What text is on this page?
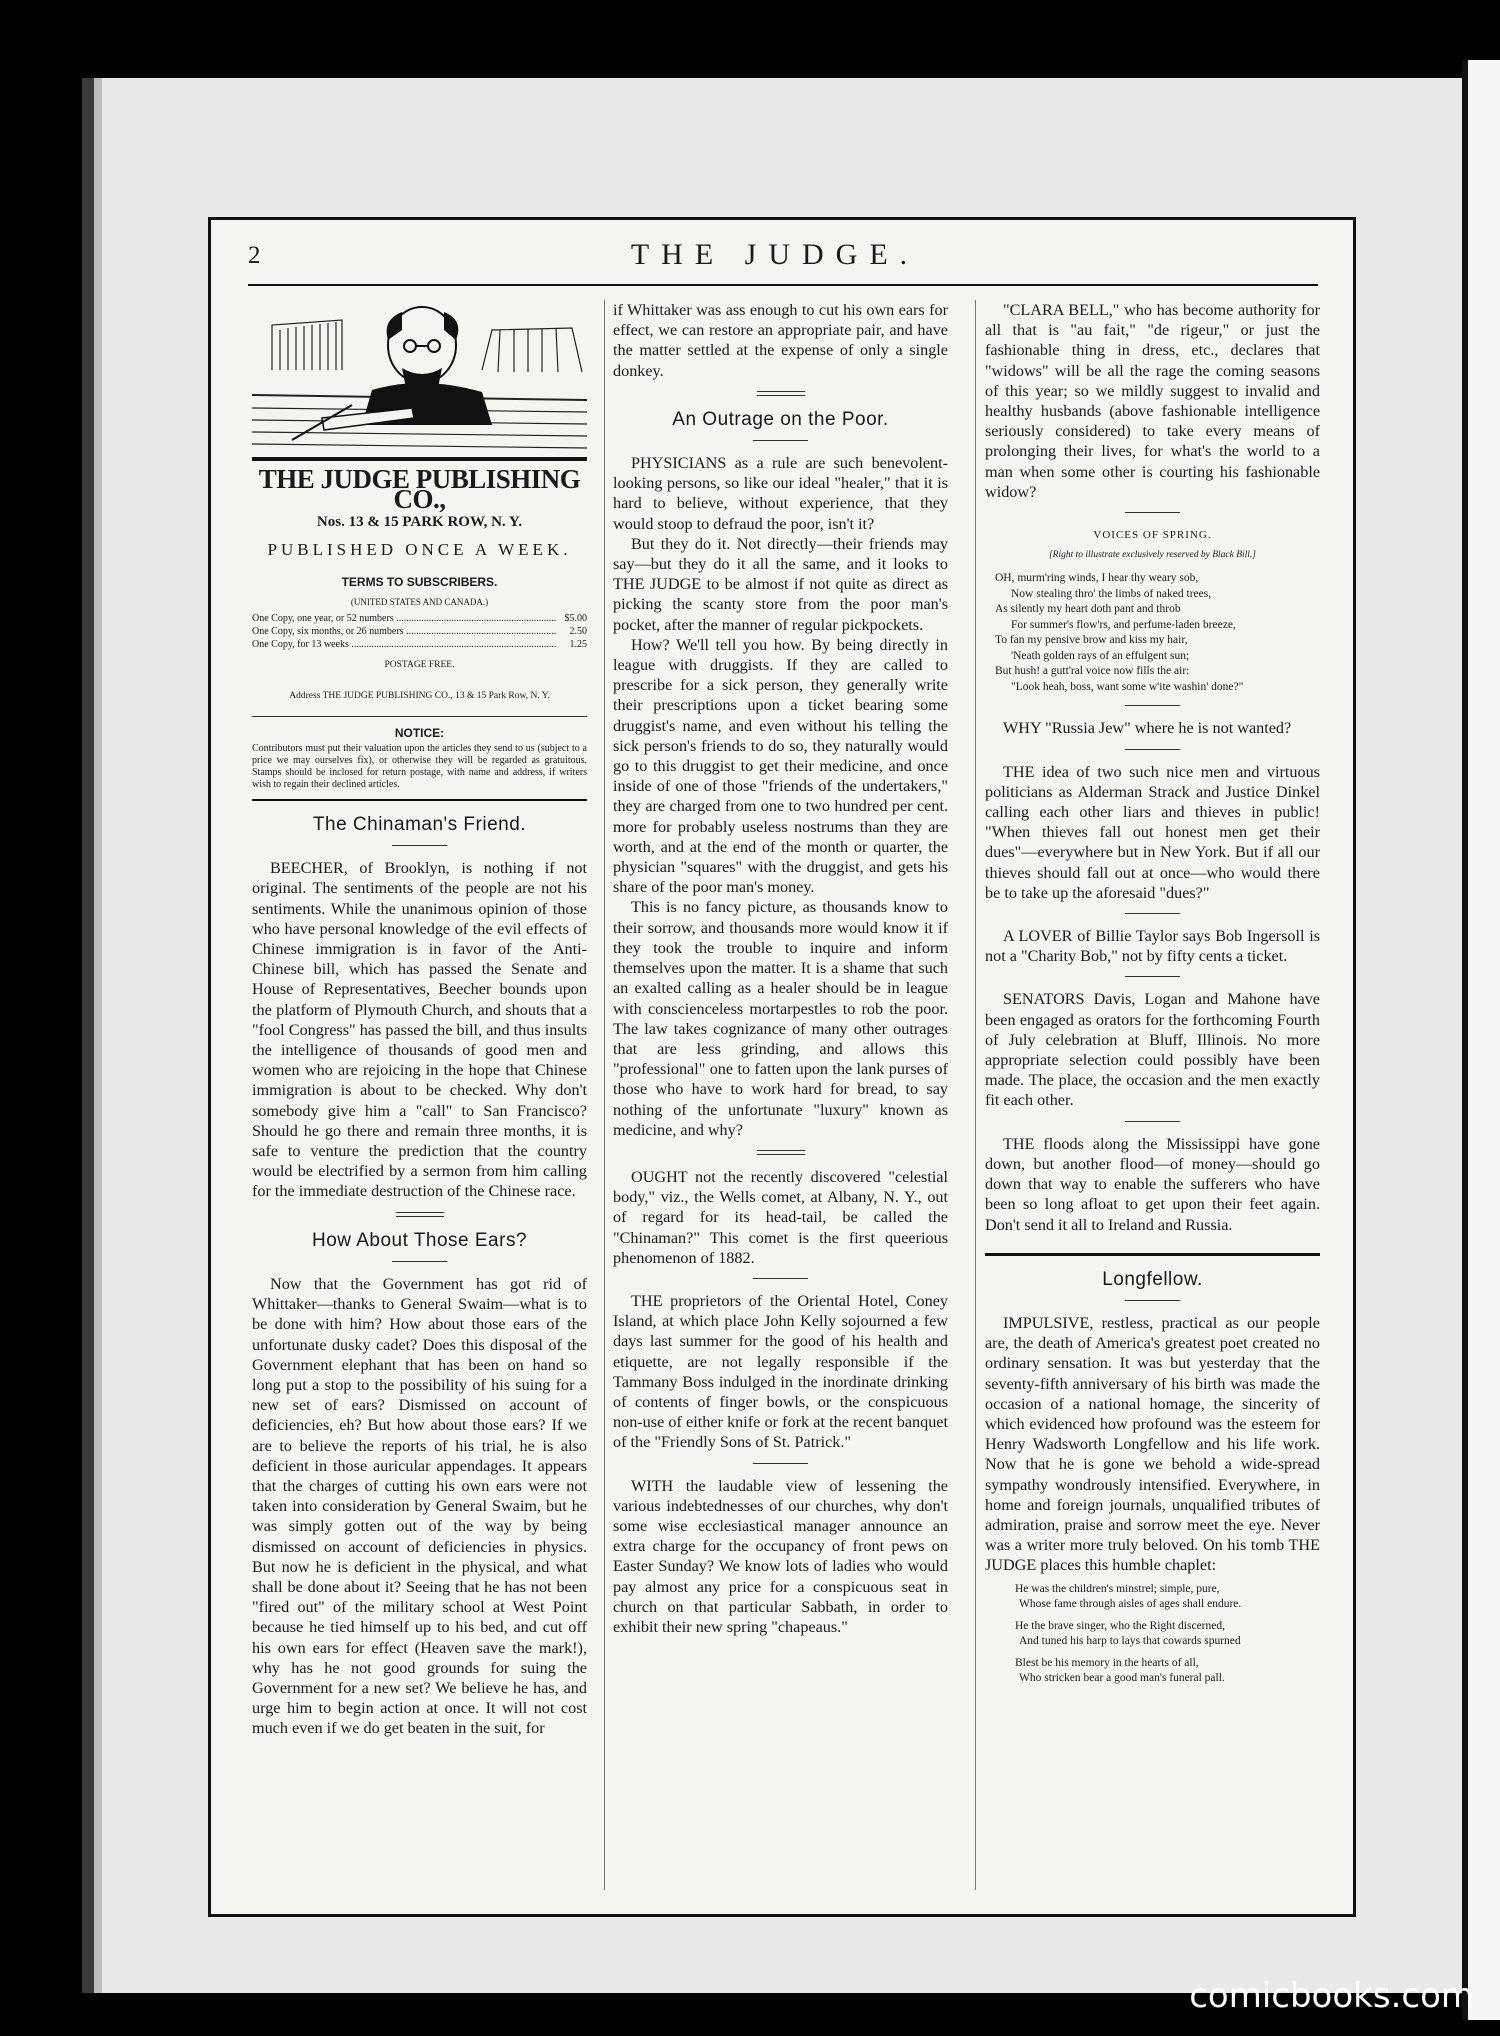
2	THE JUDGE.
THE JUDGE PUBLISHING CO.,
Nos. 13 & 15 PARK ROW, N. Y.
PUBLISHED ONCE A WEEK.
TERMS TO SUBSCRIBERS.
(UNITED STATES AND CANADA.)
One Copy, one year, or 52 numbers .....	$5.00
One Copy, six months, or 26 numbers .....	2.50
One Copy, for 13 weeks .....	1.25
POSTAGE FREE.
Address THE JUDGE PUBLISHING CO., 13 & 15 Park Row, N. Y.
NOTICE:
Contributors must put their valuation upon the articles they send to us (subject to a price we may ourselves fix), or otherwise they will be regarded as gratuitous. Stamps should be inclosed for return postage, with name and address, if writers wish to regain their declined articles.
The Chinaman's Friend.

BEECHER, of Brooklyn, is nothing if not original. The sentiments of the people are not his sentiments. While the unanimous opinion of those who have personal knowledge of the evil effects of Chinese immigration is in favor of the Anti-Chinese bill, which has passed the Senate and House of Representatives, Beecher bounds upon the platform of Plymouth Church, and shouts that a "fool Congress" has passed the bill, and thus insults the intelligence of thousands of good men and women who are rejoicing in the hope that Chinese immigration is about to be checked. Why don't somebody give him a "call" to San Francisco? Should he go there and remain three months, it is safe to venture the prediction that the country would be electrified by a sermon from him calling for the immediate destruction of the Chinese race.

How About Those Ears?

Now that the Government has got rid of Whittaker—thanks to General Swaim—what is to be done with him? How about those ears of the unfortunate dusky cadet? Does this disposal of the Government elephant that has been on hand so long put a stop to the possibility of his suing for a new set of ears? Dismissed on account of deficiencies, eh? But how about those ears? If we are to believe the reports of his trial, he is also deficient in those auricular appendages. It appears that the charges of cutting his own ears were not taken into consideration by General Swaim, but he was simply gotten out of the way by being dismissed on account of deficiencies in physics. But now he is deficient in the physical, and what shall be done about it? Seeing that he has not been "fired out" of the military school at West Point because he tied himself up to his bed, and cut off his own ears for effect (Heaven save the mark!), why has he not good grounds for suing the Government for a new set? We believe he has, and urge him to begin action at once. It will not cost much even if we do get beaten in the suit, for

if Whittaker was ass enough to cut his own ears for effect, we can restore an appropriate pair, and have the matter settled at the expense of only a single donkey.

An Outrage on the Poor.

PHYSICIANS as a rule are such benevolent-looking persons, so like our ideal "healer," that it is hard to believe, without experience, that they would stoop to defraud the poor, isn't it?

But they do it. Not directly—their friends may say—but they do it all the same, and it looks to THE JUDGE to be almost if not quite as direct as picking the scanty store from the poor man's pocket, after the manner of regular pickpockets.

How? We'll tell you how. By being directly in league with druggists. If they are called to prescribe for a sick person, they generally write their prescriptions upon a ticket bearing some druggist's name, and even without his telling the sick person's friends to do so, they naturally would go to this druggist to get their medicine, and once inside of one of those "friends of the undertakers," they are charged from one to two hundred per cent. more for probably useless nostrums than they are worth, and at the end of the month or quarter, the physician "squares" with the druggist, and gets his share of the poor man's money.

This is no fancy picture, as thousands know to their sorrow, and thousands more would know it if they took the trouble to inquire and inform themselves upon the matter. It is a shame that such an exalted calling as a healer should be in league with conscienceless mortarpestles to rob the poor. The law takes cognizance of many other outrages that are less grinding, and allows this "professional" one to fatten upon the lank purses of those who have to work hard for bread, to say nothing of the unfortunate "luxury" known as medicine, and why?

OUGHT not the recently discovered "celestial body," viz., the Wells comet, at Albany, N. Y., out of regard for its head-tail, be called the "Chinaman?" This comet is the first queerious phenomenon of 1882.

THE proprietors of the Oriental Hotel, Coney Island, at which place John Kelly sojourned a few days last summer for the good of his health and etiquette, are not legally responsible if the Tammany Boss indulged in the inordinate drinking of contents of finger bowls, or the conspicuous non-use of either knife or fork at the recent banquet of the "Friendly Sons of St. Patrick."

WITH the laudable view of lessening the various indebtednesses of our churches, why don't some wise ecclesiastical manager announce an extra charge for the occupancy of front pews on Easter Sunday? We know lots of ladies who would pay almost any price for a conspicuous seat in church on that particular Sabbath, in order to exhibit their new spring "chapeaus."

"CLARA BELL," who has become authority for all that is "au fait," "de rigeur," or just the fashionable thing in dress, etc., declares that "widows" will be all the rage the coming seasons of this year; so we mildly suggest to invalid and healthy husbands (above fashionable intelligence seriously considered) to take every means of prolonging their lives, for what's the world to a man when some other is courting his fashionable widow?

VOICES OF SPRING.
[Right to illustrate exclusively reserved by Black Bill.]
OH, murm'ring winds, I hear thy weary sob,
Now stealing thro' the limbs of naked trees,
As silently my heart doth pant and throb
For summer's flow'rs, and perfume-laden breeze,
To fan my pensive brow and kiss my hair,
'Neath golden rays of an effulgent sun;
But hush! a gutt'ral voice now fills the air:
"Look heah, boss, want some w'ite washin' done?"

WHY "Russia Jew" where he is not wanted?

THE idea of two such nice men and virtuous politicians as Alderman Strack and Justice Dinkel calling each other liars and thieves in public! "When thieves fall out honest men get their dues"—everywhere but in New York. But if all our thieves should fall out at once—who would there be to take up the aforesaid "dues?"

A LOVER of Billie Taylor says Bob Ingersoll is not a "Charity Bob," not by fifty cents a ticket.

SENATORS Davis, Logan and Mahone have been engaged as orators for the forthcoming Fourth of July celebration at Bluff, Illinois. No more appropriate selection could possibly have been made. The place, the occasion and the men exactly fit each other.

THE floods along the Mississippi have gone down, but another flood—of money—should go down that way to enable the sufferers who have been so long afloat to get upon their feet again. Don't send it all to Ireland and Russia.

Longfellow.

IMPULSIVE, restless, practical as our people are, the death of America's greatest poet created no ordinary sensation. It was but yesterday that the seventy-fifth anniversary of his birth was made the occasion of a national homage, the sincerity of which evidenced how profound was the esteem for Henry Wadsworth Longfellow and his life work. Now that he is gone we behold a wide-spread sympathy wondrously intensified. Everywhere, in home and foreign journals, unqualified tributes of admiration, praise and sorrow meet the eye. Never was a writer more truly beloved. On his tomb THE JUDGE places this humble chaplet:

He was the children's minstrel; simple, pure,
Whose fame through aisles of ages shall endure.
He the brave singer, who the Right discerned,
And tuned his harp to lays that cowards spurned
Blest be his memory in the hearts of all,
Who stricken bear a good man's funeral pall.
comicbooks.com
